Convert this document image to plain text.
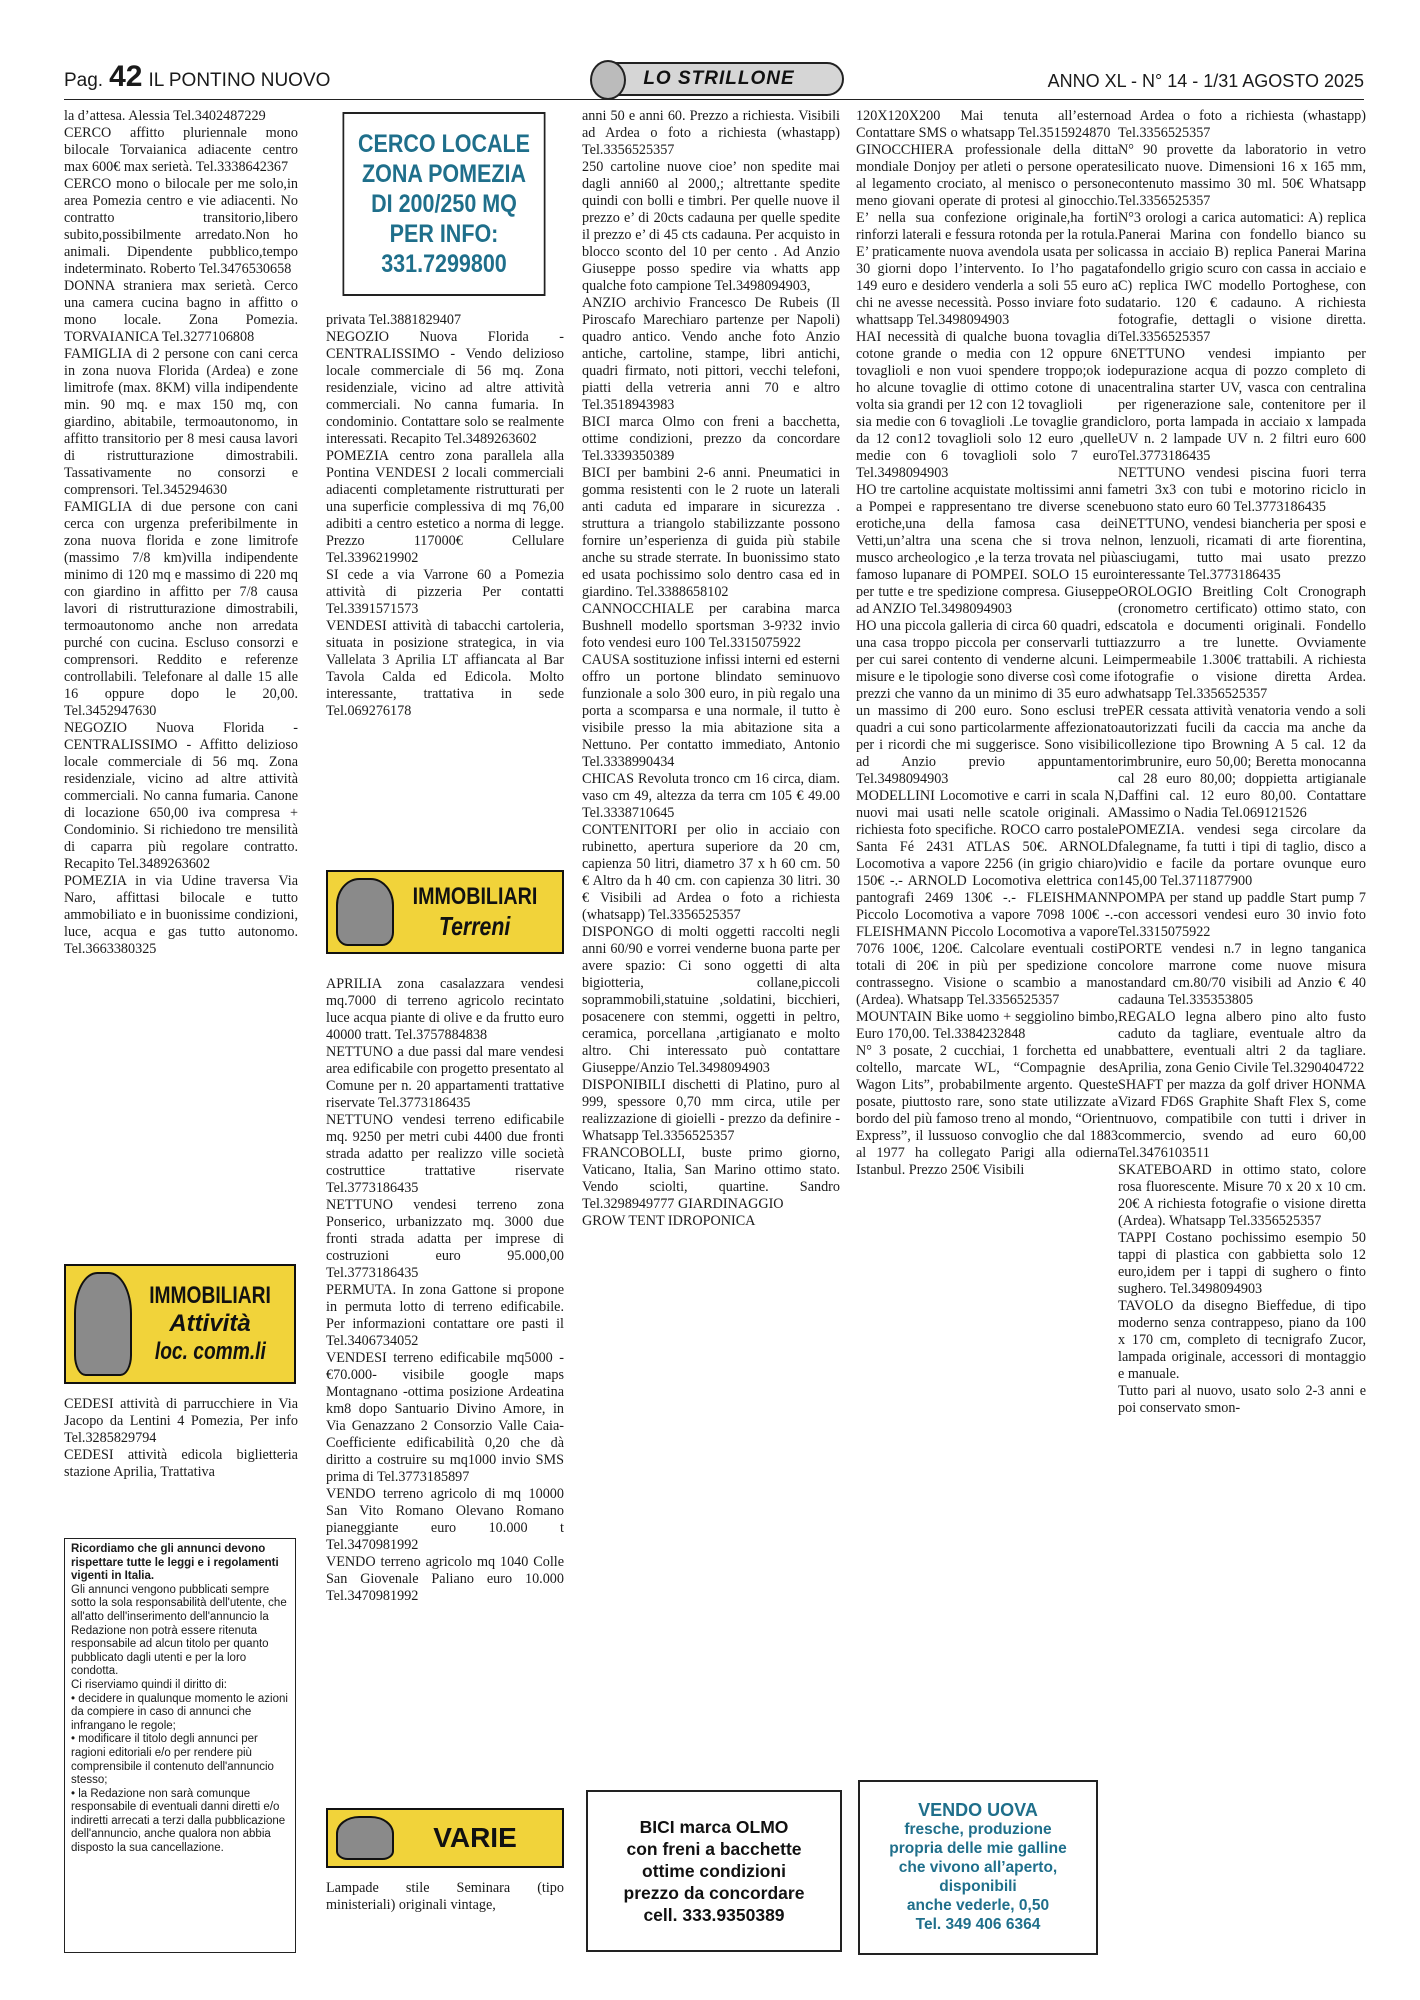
Pag. 42 IL PONTINO NUOVO	LO STRILLONE	ANNO XL - N° 14 - 1/31 AGOSTO 2025

la d’attesa. Alessia Tel.3402487229

CERCO affitto pluriennale mono bilocale Torvaianica adiacente centro max 600€ max serietà. Tel.3338642367

CERCO mono o bilocale per me solo,in area Pomezia centro e vie adiacenti. No contratto transitorio,libero subito,possibilmente arredato.Non ho animali. Dipendente pubblico,tempo indeterminato. Roberto Tel.3476530658

DONNA straniera max serietà. Cerco una camera cucina bagno in affitto o mono locale. Zona Pomezia. TORVAIANICA Tel.3277106808

FAMIGLIA di 2 persone con cani cerca in zona nuova Florida (Ardea) e zone limitrofe (max. 8KM) villa indipendente min. 90 mq. e max 150 mq, con giardino, abitabile, termoautonomo, in affitto transitorio per 8 mesi causa lavori di ristrutturazione dimostrabili. Tassativamente no consorzi e comprensori. Tel.345294630

FAMIGLIA di due persone con cani cerca con urgenza preferibilmente in zona nuova florida e zone limitrofe (massimo 7/8 km)villa indipendente minimo di 120 mq e massimo di 220 mq con giardino in affitto per 7/8 causa lavori di ristrutturazione dimostrabili, termoautonomo anche non arredata purché con cucina. Escluso consorzi e comprensori. Reddito e referenze controllabili. Telefonare al dalle 15 alle 16 oppure dopo le 20,00. Tel.3452947630

NEGOZIO Nuova Florida - CENTRALISSIMO - Affitto delizioso locale commerciale di 56 mq. Zona residenziale, vicino ad altre attività commerciali. No canna fumaria. Canone di locazione 650,00 iva compresa + Condominio. Si richiedono tre mensilità di caparra più regolare contratto. Recapito Tel.3489263602

POMEZIA in via Udine traversa Via Naro, affittasi bilocale e tutto ammobiliato e in buonissime condizioni, luce, acqua e gas tutto autonomo. Tel.3663380325

IMMOBILIARI
Attività
loc. comm.li

CEDESI attività di parrucchiere in Via Jacopo da Lentini 4 Pomezia, Per info Tel.3285829794

CEDESI attività edicola biglietteria stazione Aprilia, Trattativa

Ricordiamo che gli annunci devono rispettare tutte le leggi e i regolamenti vigenti in Italia.
Gli annunci vengono pubblicati sempre sotto la sola responsabilità dell'utente, che all'atto dell'inserimento dell'annuncio la Redazione non potrà essere ritenuta responsabile ad alcun titolo per quanto pubblicato dagli utenti e per la loro condotta.
Ci riserviamo quindi il diritto di:
• decidere in qualunque momento le azioni da compiere in caso di annunci che infrangano le regole;
• modificare il titolo degli annunci per ragioni editoriali e/o per rendere più comprensibile il contenuto dell'annuncio stesso;
• la Redazione non sarà comunque responsabile di eventuali danni diretti e/o indiretti arrecati a terzi dalla pubblicazione dell'annuncio, anche qualora non abbia disposto la sua cancellazione.
CERCO LOCALE
ZONA POMEZIA
DI 200/250 MQ
PER INFO:
331.7299800

privata Tel.3881829407

NEGOZIO Nuova Florida - CENTRALISSIMO - Vendo delizioso locale commerciale di 56 mq. Zona residenziale, vicino ad altre attività commerciali. No canna fumaria. In condominio. Contattare solo se realmente interessati. Recapito Tel.3489263602

POMEZIA centro zona parallela alla Pontina VENDESI 2 locali commerciali adiacenti completamente ristrutturati per una superficie complessiva di mq 76,00 adibiti a centro estetico a norma di legge. Prezzo 117000€ Cellulare Tel.3396219902

SI cede a via Varrone 60 a Pomezia attività di pizzeria Per contatti Tel.3391571573

VENDESI attività di tabacchi cartoleria, situata in posizione strategica, in via Vallelata 3 Aprilia LT affiancata al Bar Tavola Calda ed Edicola. Molto interessante, trattativa in sede Tel.069276178

IMMOBILIARI
Terreni

APRILIA zona casalazzara vendesi mq.7000 di terreno agricolo recintato luce acqua piante di olive e da frutto euro 40000 tratt. Tel.3757884838

NETTUNO a due passi dal mare vendesi area edificabile con progetto presentato al Comune per n. 20 appartamenti trattative riservate Tel.3773186435

NETTUNO vendesi terreno edificabile mq. 9250 per metri cubi 4400 due fronti strada adatto per realizzo ville società costruttice trattative riservate Tel.3773186435

NETTUNO vendesi terreno zona Ponserico, urbanizzato mq. 3000 due fronti strada adatta per imprese di costruzioni euro 95.000,00 Tel.3773186435

PERMUTA. In zona Gattone si propone in permuta lotto di terreno edificabile. Per informazioni contattare ore pasti il Tel.3406734052

VENDESI terreno edificabile mq5000 -€70.000- visibile google maps Montagnano -ottima posizione Ardeatina km8 dopo Santuario Divino Amore, in Via Genazzano 2 Consorzio Valle Caia- Coefficiente edificabilità 0,20 che dà diritto a costruire su mq1000 invio SMS prima di Tel.3773185897

VENDO terreno agricolo di mq 10000 San Vito Romano Olevano Romano pianeggiante euro 10.000 t Tel.3470981992

VENDO terreno agricolo mq 1040 Colle San Giovenale Paliano euro 10.000 Tel.3470981992

VARIE

Lampade stile Seminara (tipo ministeriali) originali vintage,

anni 50 e anni 60. Prezzo a richiesta. Visibili ad Ardea o foto a richiesta (whastapp) Tel.3356525357

250 cartoline nuove cioe’ non spedite mai dagli anni60 al 2000,; altrettante spedite quindi con bolli e timbri. Per quelle nuove il prezzo e’ di 20cts cadauna per quelle spedite il prezzo e’ di 45 cts cadauna. Per acquisto in blocco sconto del 10 per cento . Ad Anzio Giuseppe posso spedire via whatts app qualche foto campione Tel.3498094903,

ANZIO archivio Francesco De Rubeis (Il Piroscafo Marechiaro partenze per Napoli) quadro antico. Vendo anche foto Anzio antiche, cartoline, stampe, libri antichi, quadri firmato, noti pittori, vecchi telefoni, piatti della vetreria anni 70 e altro Tel.3518943983

BICI marca Olmo con freni a bacchetta, ottime condizioni, prezzo da concordare Tel.3339350389

BICI per bambini 2-6 anni. Pneumatici in gomma resistenti con le 2 ruote un laterali anti caduta ed imparare in sicurezza . struttura a triangolo stabilizzante possono fornire un’esperienza di guida più stabile anche su strade sterrate. In buonissimo stato ed usata pochissimo solo dentro casa ed in giardino. Tel.3388658102

CANNOCCHIALE per carabina marca Bushnell modello sportsman 3-9?32 invio foto vendesi euro 100 Tel.3315075922

CAUSA sostituzione infissi interni ed esterni offro un portone blindato seminuovo funzionale a solo 300 euro, in più regalo una porta a scomparsa e una normale, il tutto è visibile presso la mia abitazione sita a Nettuno. Per contatto immediato, Antonio Tel.3338990434

CHICAS Revoluta tronco cm 16 circa, diam. vaso cm 49, altezza da terra cm 105 € 49.00 Tel.3338710645

CONTENITORI per olio in acciaio con rubinetto, apertura superiore da 20 cm, capienza 50 litri, diametro 37 x h 60 cm. 50 € Altro da h 40 cm. con capienza 30 litri. 30 € Visibili ad Ardea o foto a richiesta (whatsapp) Tel.3356525357

DISPONGO di molti oggetti raccolti negli anni 60/90 e vorrei venderne buona parte per avere spazio: Ci sono oggetti di alta bigiotteria, collane,piccoli soprammobili,statuine ,soldatini, bicchieri, posacenere con stemmi, oggetti in peltro, ceramica, porcellana ,artigianato e molto altro. Chi interessato può contattare Giuseppe/Anzio Tel.3498094903

DISPONIBILI dischetti di Platino, puro al 999, spessore 0,70 mm circa, utile per realizzazione di gioielli - prezzo da definire - Whatsapp Tel.3356525357

FRANCOBOLLI, buste primo giorno, Vaticano, Italia, San Marino ottimo stato. Vendo sciolti, quartine. Sandro Tel.3298949777 GIARDINAGGIO

GROW TENT IDROPONICA

BICI marca OLMO
con freni a bacchette
ottime condizioni
prezzo da concordare
cell. 333.9350389

120X120X200 Mai tenuta all’esterno Contattare SMS o whatsapp Tel.3515924870

GINOCCHIERA professionale della ditta mondiale Donjoy per atleti o persone operate al legamento crociato, al menisco o persone meno giovani operate di protesi al ginocchio. E’ nella sua confezione originale,ha forti rinforzi laterali e fessura rotonda per la rotula. E’ praticamente nuova avendola usata per soli 30 giorni dopo l’intervento. Io l’ho pagata 149 euro e desidero venderla a soli 55 euro a chi ne avesse necessità. Posso inviare foto su whattsapp Tel.3498094903

HAI necessità di qualche buona tovaglia di cotone grande o media con 12 oppure 6 tovaglioli e non vuoi spendere troppo;ok io ho alcune tovaglie di ottimo cotone di una volta sia grandi per 12 con 12 tovaglioli

sia medie con 6 tovaglioli .Le tovaglie grandi da 12 con12 tovaglioli solo 12 euro ,quelle medie con 6 tovaglioli solo 7 euro Tel.3498094903

HO tre cartoline acquistate moltissimi anni fa a Pompei e rappresentano tre diverse scene erotiche,una della famosa casa dei Vetti,un’altra una scena che si trova nel musco archeologico ,e la terza trovata nel più famoso lupanare di POMPEI. SOLO 15 euro per tutte e tre spedizione compresa. Giuseppe ad ANZIO Tel.3498094903

HO una piccola galleria di circa 60 quadri, ed una casa troppo piccola per conservarli tutti per cui sarei contento di venderne alcuni. Le misure e le tipologie sono diverse così come i prezzi che vanno da un minimo di 35 euro ad un massimo di 200 euro. Sono esclusi tre quadri a cui sono particolarmente affezionato per i ricordi che mi suggerisce. Sono visibili ad Anzio previo appuntamento Tel.3498094903

MODELLINI Locomotive e carri in scala N, nuovi mai usati nelle scatole originali. A richiesta foto specifiche. ROCO carro postale Santa Fé 2431 ATLAS 50€. ARNOLD Locomotiva a vapore 2256 (in grigio chiaro) 150€ -.- ARNOLD Locomotiva elettrica con pantografi 2469 130€ -.- FLEISHMANN Piccolo Locomotiva a vapore 7098 100€ -.- FLEISHMANN Piccolo Locomotiva a vapore 7076 100€, 120€. Calcolare eventuali costi totali di 20€ in più per spedizione con contrassegno. Visione o scambio a mano (Ardea). Whatsapp Tel.3356525357

MOUNTAIN Bike uomo + seggiolino bimbo, Euro 170,00. Tel.3384232848

N° 3 posate, 2 cucchiai, 1 forchetta ed un coltello, marcate WL, “Compagnie des Wagon Lits”, probabilmente argento. Queste posate, piuttosto rare, sono state utilizzate a bordo del più famoso treno al mondo, “Orient Express”, il lussuoso convoglio che dal 1883 al 1977 ha collegato Parigi alla odierna Istanbul. Prezzo 250€ Visibili

VENDO UOVA
fresche, produzione
propria delle mie galline
che vivono all’aperto,
disponibili
anche vederle, 0,50
Tel. 349 406 6364

ad Ardea o foto a richiesta (whastapp) Tel.3356525357

N° 90 provette da laboratorio in vetro silicato nuove. Dimensioni 16 x 165 mm, contenuto massimo 30 ml. 50€ Whatsapp Tel.3356525357

N°3 orologi a carica automatici: A) replica Panerai Marina con fondello bianco su cassa in acciaio B) replica Panerai Marina fondello grigio scuro con cassa in acciaio e C) replica IWC modello Portoghese, con datario. 120 € cadauno. A richiesta fotografie, dettagli o visione diretta. Tel.3356525357

NETTUNO vendesi impianto per depurazione acqua di pozzo completo di centralina starter UV, vasca con centralina per rigenerazione sale, contenitore per il cloro, porta lampada in acciaio x lampada UV n. 2 lampade UV n. 2 filtri euro 600 Tel.3773186435

NETTUNO vendesi piscina fuori terra metri 3x3 con tubi e motorino riciclo in buono stato euro 60 Tel.3773186435

NETTUNO, vendesi biancheria per sposi e non, lenzuoli, ricamati di arte fiorentina, asciugami, tutto mai usato prezzo interessante Tel.3773186435

OROLOGIO Breitling Colt Cronograph (cronometro certificato) ottimo stato, con scatola e documenti originali. Fondello azzurro a tre lunette. Ovviamente impermeabile 1.300€ trattabili. A richiesta fotografie o visione diretta Ardea. whatsapp Tel.3356525357

PER cessata attività venatoria vendo a soli autorizzati fucili da caccia ma anche da collezione tipo Browning A 5 cal. 12 da rimbrunire, euro 50,00; Beretta monocanna cal 28 euro 80,00; doppietta artigianale Daffini cal. 12 euro 80,00. Contattare Massimo o Nadia Tel.069121526

POMEZIA. vendesi sega circolare da falegname, fa tutti i tipi di taglio, disco a vidio e facile da portare ovunque euro 145,00 Tel.3711877900

POMPA per stand up paddle Start pump 7 con accessori vendesi euro 30 invio foto Tel.3315075922

PORTE vendesi n.7 in legno tanganica colore marrone come nuove misura standard cm.80/70 visibili ad Anzio € 40 cadauna Tel.335353805

REGALO legna albero pino alto fusto caduto da tagliare, eventuale altro da abbattere, eventuali altri 2 da tagliare. Aprilia, zona Genio Civile Tel.3290404722

SHAFT per mazza da golf driver HONMA Vizard FD6S Graphite Shaft Flex S, come nuovo, compatibile con tutti i driver in commercio, svendo ad euro 60,00 Tel.3476103511

SKATEBOARD in ottimo stato, colore rosa fluorescente. Misure 70 x 20 x 10 cm. 20€ A richiesta fotografie o visione diretta (Ardea). Whatsapp Tel.3356525357

TAPPI Costano pochissimo esempio 50 tappi di plastica con gabbietta solo 12 euro,idem per i tappi di sughero o finto sughero. Tel.3498094903

TAVOLO da disegno Bieffedue, di tipo moderno senza contrappeso, piano da 100 x 170 cm, completo di tecnigrafo Zucor, lampada originale, accessori di montaggio e manuale.

Tutto pari al nuovo, usato solo 2-3 anni e poi conservato smon-
